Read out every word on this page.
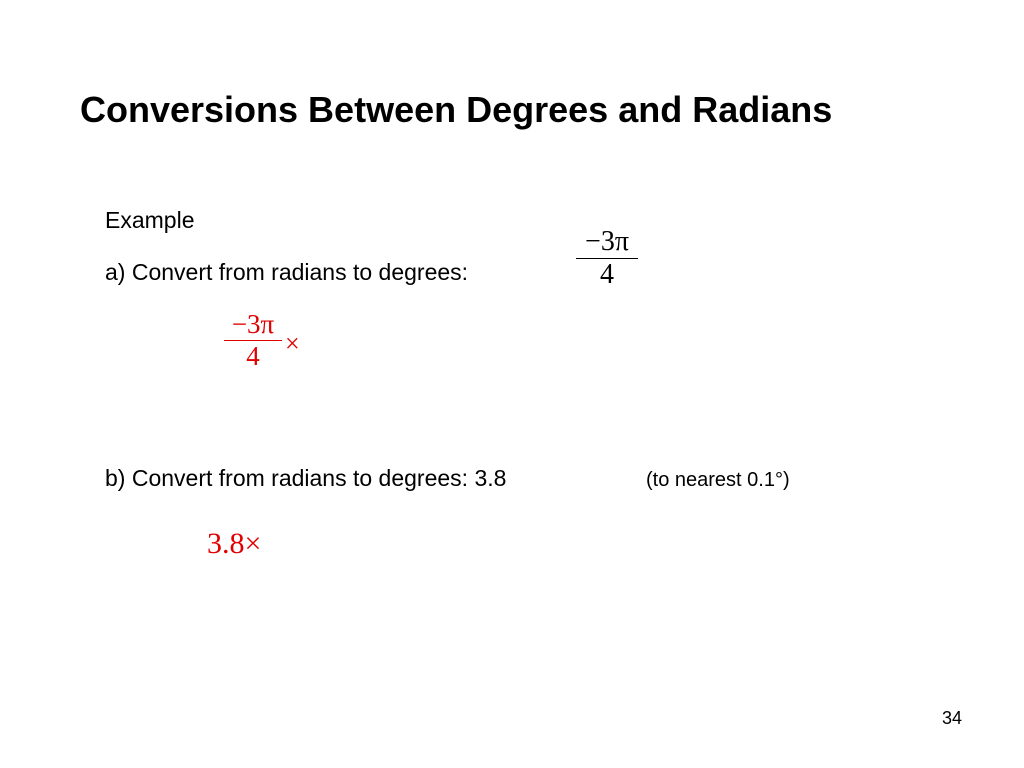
Conversions Between Degrees and Radians
Example
a) Convert from radians to degrees:
−3π
4
−3π
4 ×
b) Convert from radians to degrees: 3.8	(to nearest 0.1°)
3.8×
34
